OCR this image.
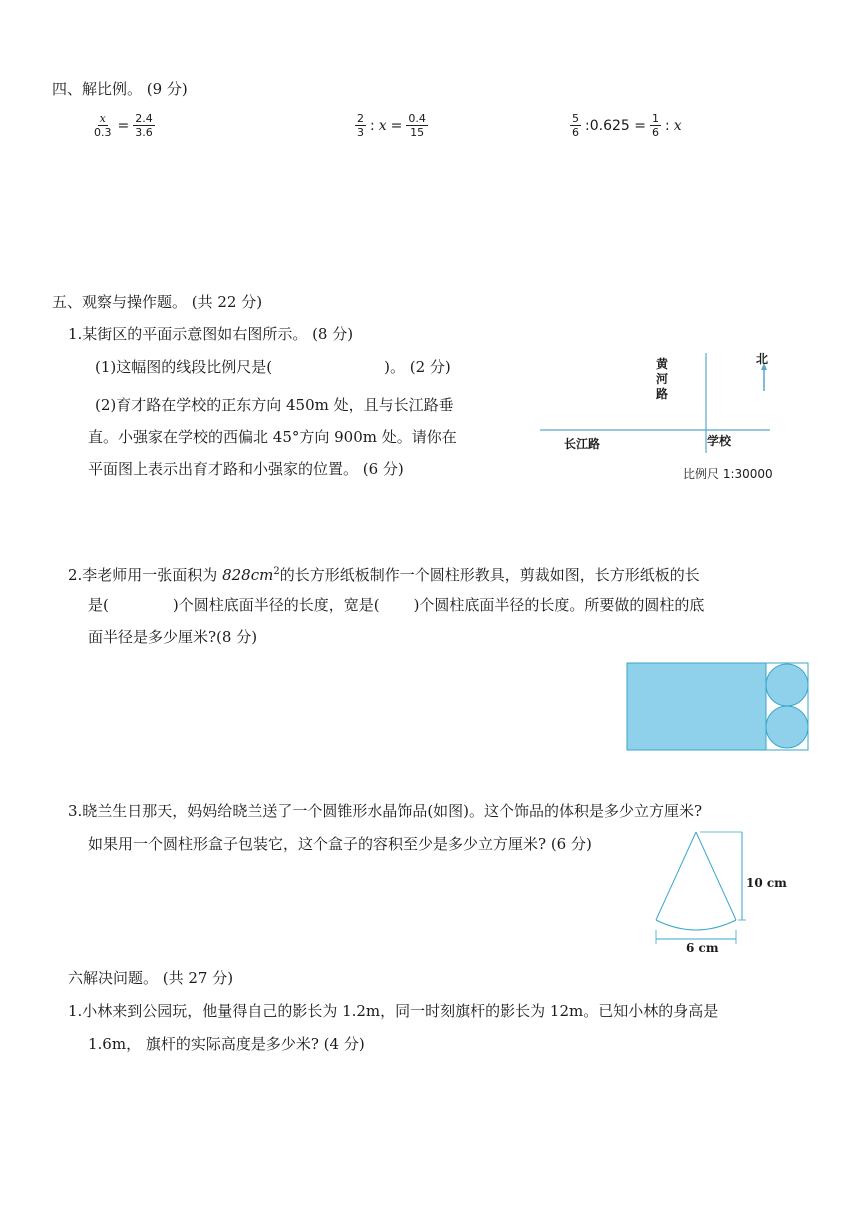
四、解比例。 (9 分)
$\frac{x}{0.3} = \frac{2.4}{3.6}$	$\frac{2}{3}$ : $x = \frac{0.4}{15}$	$\frac{5}{6}$ :0.625 = $\frac{1}{6}$ : x
五、观察与操作题。 (共 22 分)
1.某街区的平面示意图如右图所示。 (8 分)
(1)这幅图的线段比例尺是(	)。 (2 分)
(2)育才路在学校的正东方向 450m 处，且与长江路垂
直。小强家在学校的西偏北 45°方向 900m 处。请你在
平面图上表示出育才路和小强家的位置。 (6 分)
黄
河
路
北
长江路	学校
比例尺 1:30000
2.李老师用一张面积为 $828cm^2$的长方形纸板制作一个圆柱形教具，剪裁如图，长方形纸板的长
是(	)个圆柱底面半径的长度，宽是( )个圆柱底面半径的长度。所要做的圆柱的底
面半径是多少厘米?(8 分)
3.晓兰生日那天，妈妈给晓兰送了一个圆锥形水晶饰品(如图)。这个饰品的体积是多少立方厘米?
如果用一个圆柱形盒子包装它，这个盒子的容积至少是多少立方厘米? (6 分)
10 cm
6 cm
六解决问题。 (共 27 分)
1.小林来到公园玩，他量得自己的影长为 1.2m，同一时刻旗杆的影长为 12m。已知小林的身高是
1.6m， 旗杆的实际高度是多少米? (4 分)
